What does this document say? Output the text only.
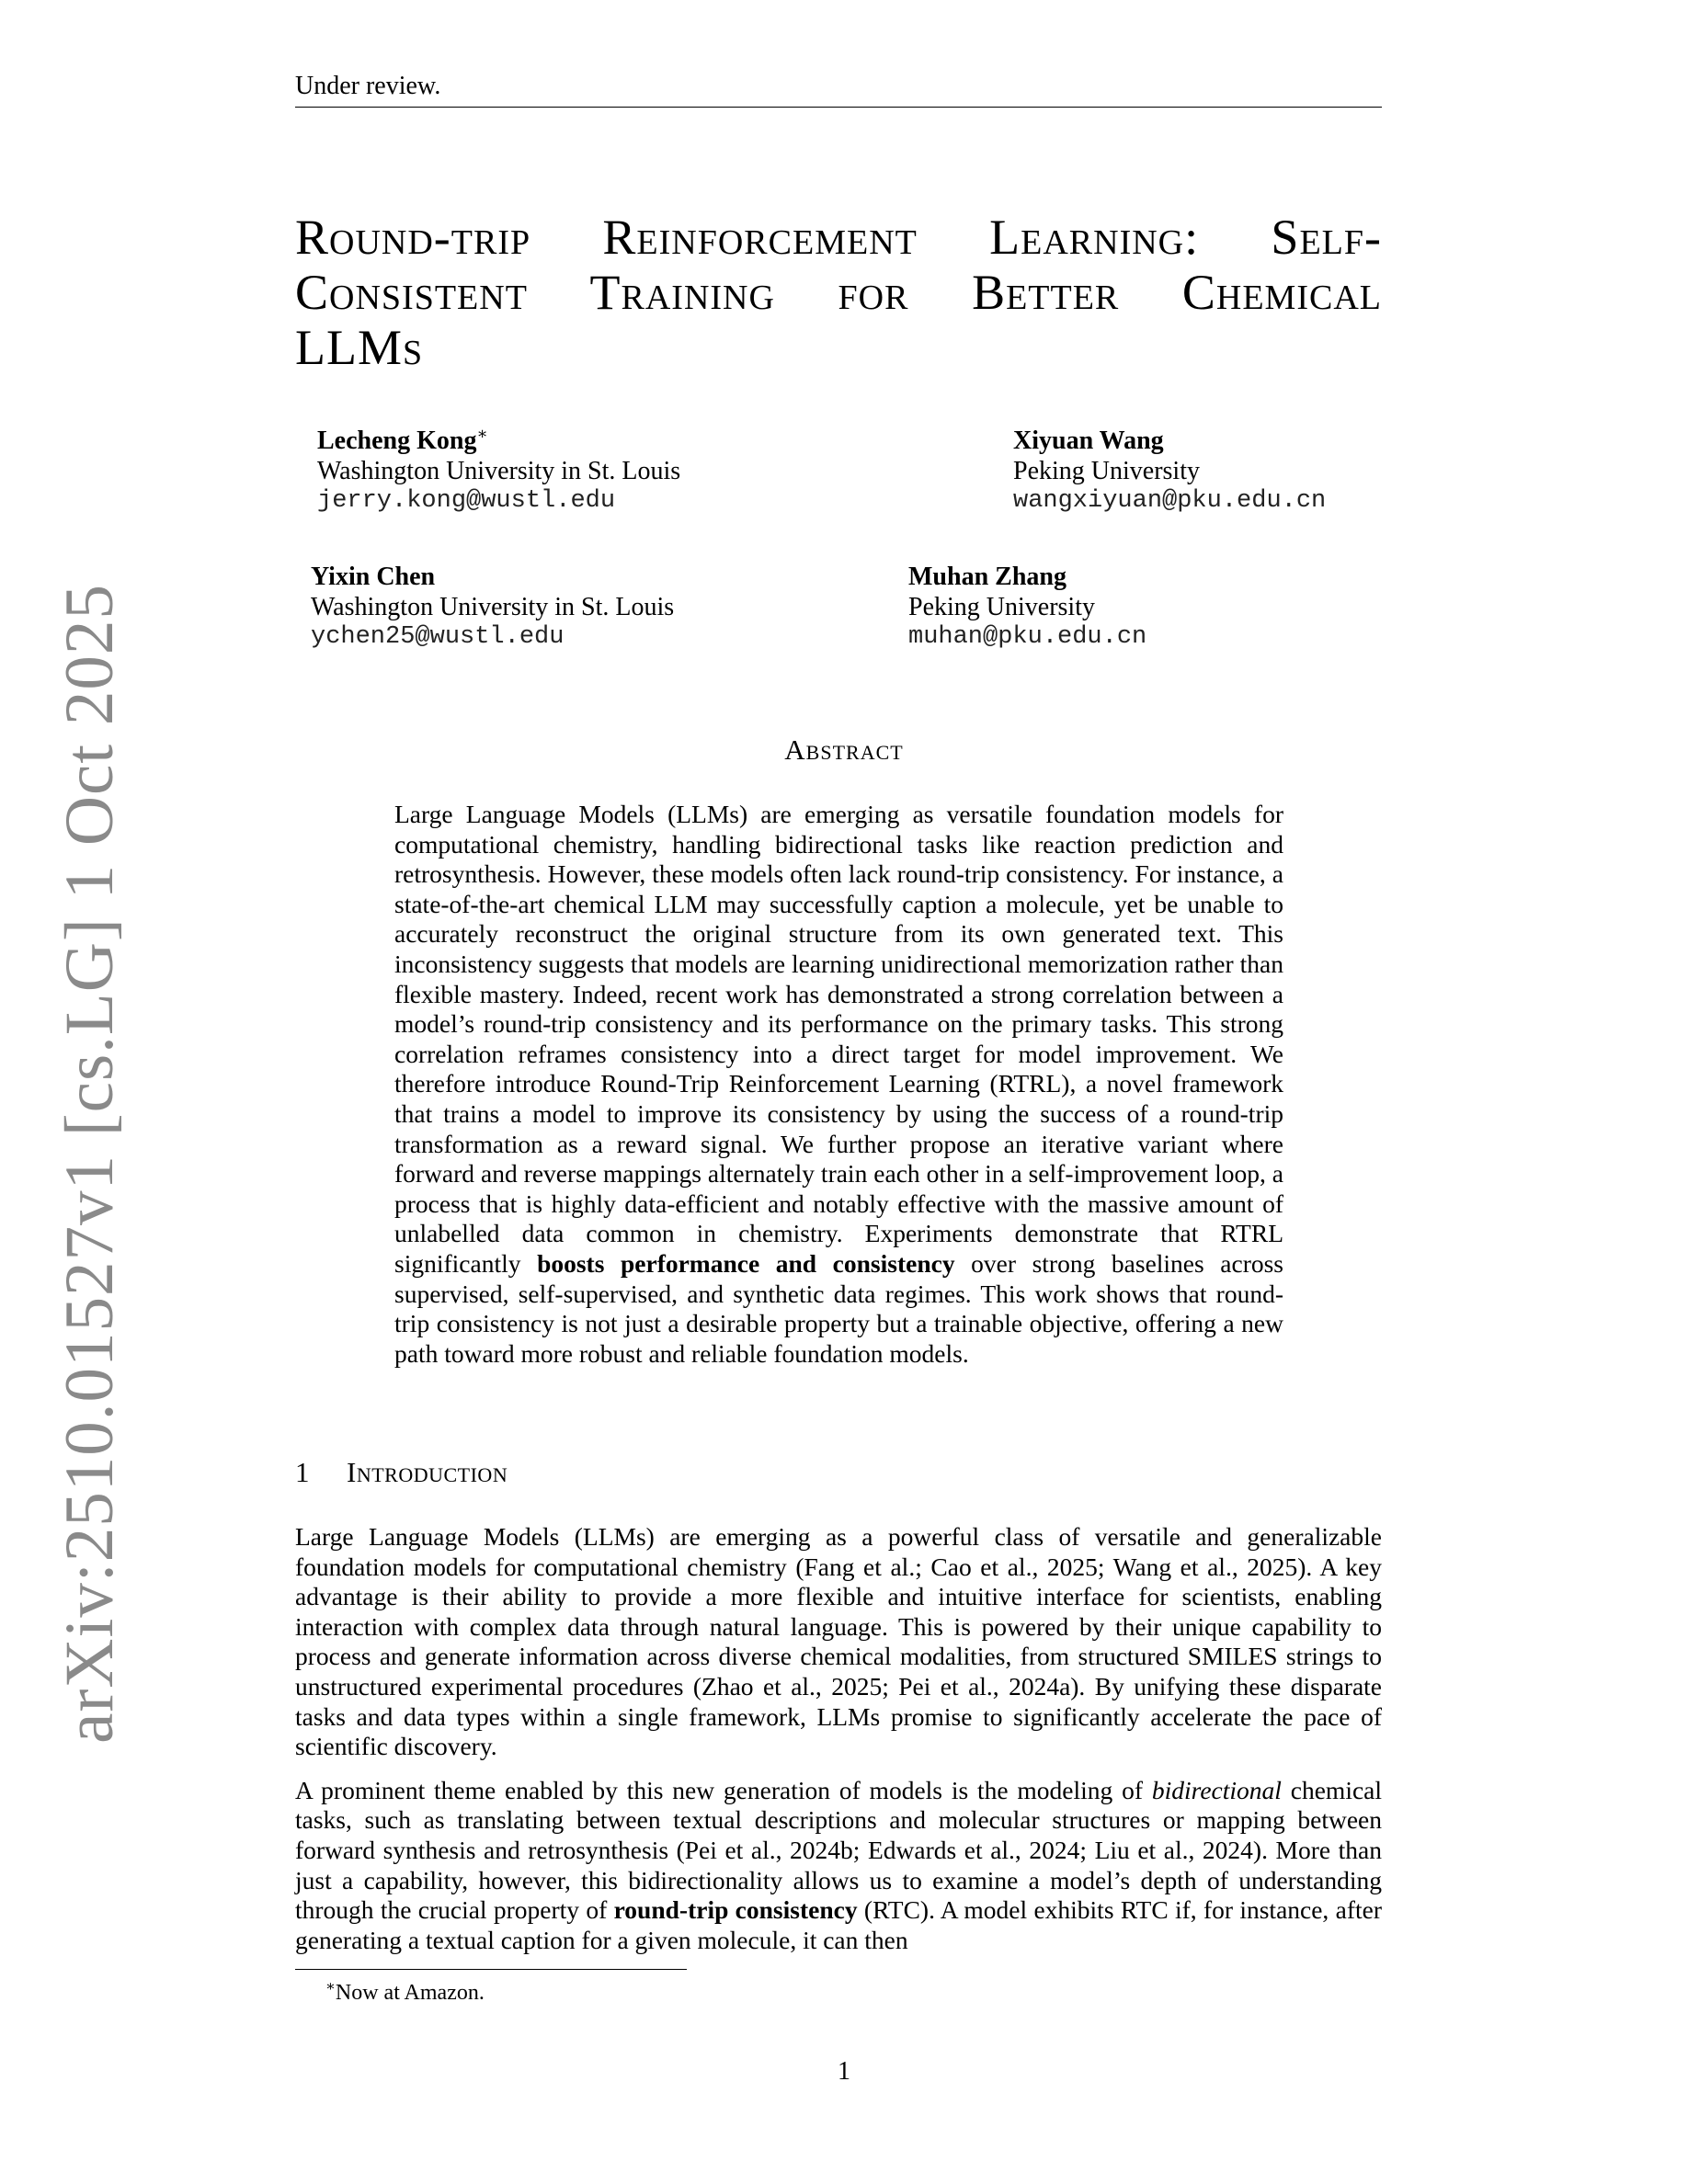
Under review.
Round-trip Reinforcement Learning: Self-
Consistent Training for Better Chemical
LLMs
Lecheng Kong∗
Washington University in St. Louis
jerry.kong@wustl.edu
Xiyuan Wang
Peking University
wangxiyuan@pku.edu.cn
Yixin Chen
Washington University in St. Louis
ychen25@wustl.edu
Muhan Zhang
Peking University
muhan@pku.edu.cn
Abstract
Large Language Models (LLMs) are emerging as versatile foundation models for computational chemistry, handling bidirectional tasks like reaction prediction and retrosynthesis. However, these models often lack round-trip consistency. For instance, a state-of-the-art chemical LLM may successfully caption a molecule, yet be unable to accurately reconstruct the original structure from its own generated text. This inconsistency suggests that models are learning unidirectional memorization rather than flexible mastery. Indeed, recent work has demonstrated a strong correlation between a model’s round-trip consistency and its performance on the primary tasks. This strong correlation reframes consistency into a direct target for model improvement. We therefore introduce Round-Trip Reinforcement Learning (RTRL), a novel framework that trains a model to improve its consistency by using the success of a round-trip transformation as a reward signal. We further propose an iterative variant where forward and reverse mappings alternately train each other in a self-improvement loop, a process that is highly data-efficient and notably effective with the massive amount of unlabelled data common in chemistry. Experiments demonstrate that RTRL significantly boosts performance and consistency over strong baselines across supervised, self-supervised, and synthetic data regimes. This work shows that round-trip consistency is not just a desirable property but a trainable objective, offering a new path toward more robust and reliable foundation models.
1 Introduction

Large Language Models (LLMs) are emerging as a powerful class of versatile and generalizable foundation models for computational chemistry (Fang et al.; Cao et al., 2025; Wang et al., 2025). A key advantage is their ability to provide a more flexible and intuitive interface for scientists, enabling interaction with complex data through natural language. This is powered by their unique capability to process and generate information across diverse chemical modalities, from structured SMILES strings to unstructured experimental procedures (Zhao et al., 2025; Pei et al., 2024a). By unifying these disparate tasks and data types within a single framework, LLMs promise to significantly accelerate the pace of scientific discovery.

A prominent theme enabled by this new generation of models is the modeling of bidirectional chemical tasks, such as translating between textual descriptions and molecular structures or mapping between forward synthesis and retrosynthesis (Pei et al., 2024b; Edwards et al., 2024; Liu et al., 2024). More than just a capability, however, this bidirectionality allows us to examine a model’s depth of understanding through the crucial property of round-trip consistency (RTC). A model exhibits RTC if, for instance, after generating a textual caption for a given molecule, it can then

∗Now at Amazon.
1
arXiv:2510.01527v1 [cs.LG] 1 Oct 2025
